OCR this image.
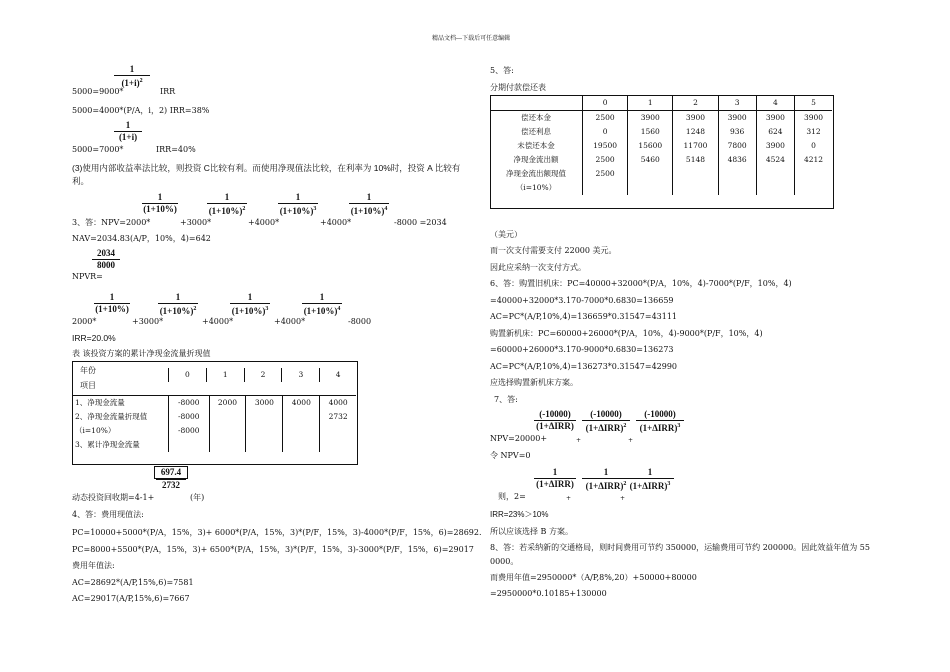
精品文档---下载后可任意编辑
1
$(1+i)^2$
5000=9000*	IRR
5000=4000*(P/A，i，2) IRR=38%
1
(1+i)
5000=7000*	IRR=40%
(3)使用内部收益率法比较，则投资 C比较有利。而使用净现值法比较，在利率为 10%时，投资 A 比较有
利。
1
(1+10%)
1
$(1+10\%)^2$
1
$(1+10\%)^3$
1
$(1+10\%)^4$
3、答：NPV=2000*	+3000*	+4000*	+4000*	-8000 =2034
NAV=2034.83(A/P，10%，4)=642
2034
8000
NPVR=
1
(1+10%)
1
$(1+10\%)^2$
1
$(1+10\%)^3$
1
$(1+10\%)^4$
2000*	+3000*	+4000*	+4000*	-8000
IRR=20.0%
表 该投资方案的累计净现金流量折现值
年份
项目
	0	1	2	3	4
1、净现金流量	-8000	2000	3000	4000	4000
2、净现金流量折现值	-8000				2732
（i=10%）	-8000				
3、累计净现金流量					
697.4
2732
动态投资回收期=4-1+	(年)
4、答：费用现值法:
PC=10000+5000*(P/A，15%，3)+ 6000*(P/A，15%，3)*(P/F，15%，3)-4000*(P/F，15%，6)=28692.
PC=8000+5500*(P/A，15%，3)+ 6500*(P/A，15%，3)*(P/F，15%，3)-3000*(P/F，15%，6)=29017
费用年值法:
AC=28692*(A/P,15%,6)=7581
AC=29017(A/P,15%,6)=7667
5、答:
分期付款偿还表
	0	1	2	3	4	5
偿还本金	2500	3900	3900	3900	3900	3900
偿还利息	0	1560	1248	936	624	312
未偿还本金	19500	15600	11700	7800	3900	0
净现金流出额	2500	5460	5148	4836	4524	4212
净现金流出额现值	2500					
（i=10%）						
（美元）
而一次支付需要支付 22000 美元。
因此应采纳一次支付方式。
6、答：购置旧机床：PC=40000+32000*(P/A，10%，4)-7000*(P/F，10%，4)
=40000+32000*3.170-7000*0.6830=136659
AC=PC*(A/P,10%,4)=136659*0.31547=43111
购置新机床：PC=60000+26000*(P/A，10%，4)-9000*(P/F，10%，4)
=60000+26000*3.170-9000*0.6830=136273
AC=PC*(A/P,10%,4)=136273*0.31547=42990
应选择购置新机床方案。
7、答:
(-10000)
(1+ΔIRR)
(-10000)
$(1+\Delta IRR)^2$
(-10000)
$(1+\Delta IRR)^3$
NPV=20000+	+	+
令 NPV=0
1
(1+ΔIRR)
1
$(1+\Delta IRR)^2$
1
$(1+\Delta IRR)^3$
则，2=	+	+
IRR=23%＞10%
所以应该选择 B 方案。
8、答：若采纳新的交通格局，则时间费用可节约 350000，运输费用可节约 200000。因此效益年值为 55
0000。
而费用年值=2950000*（A/P,8%,20）+50000+80000
=2950000*0.10185+130000
